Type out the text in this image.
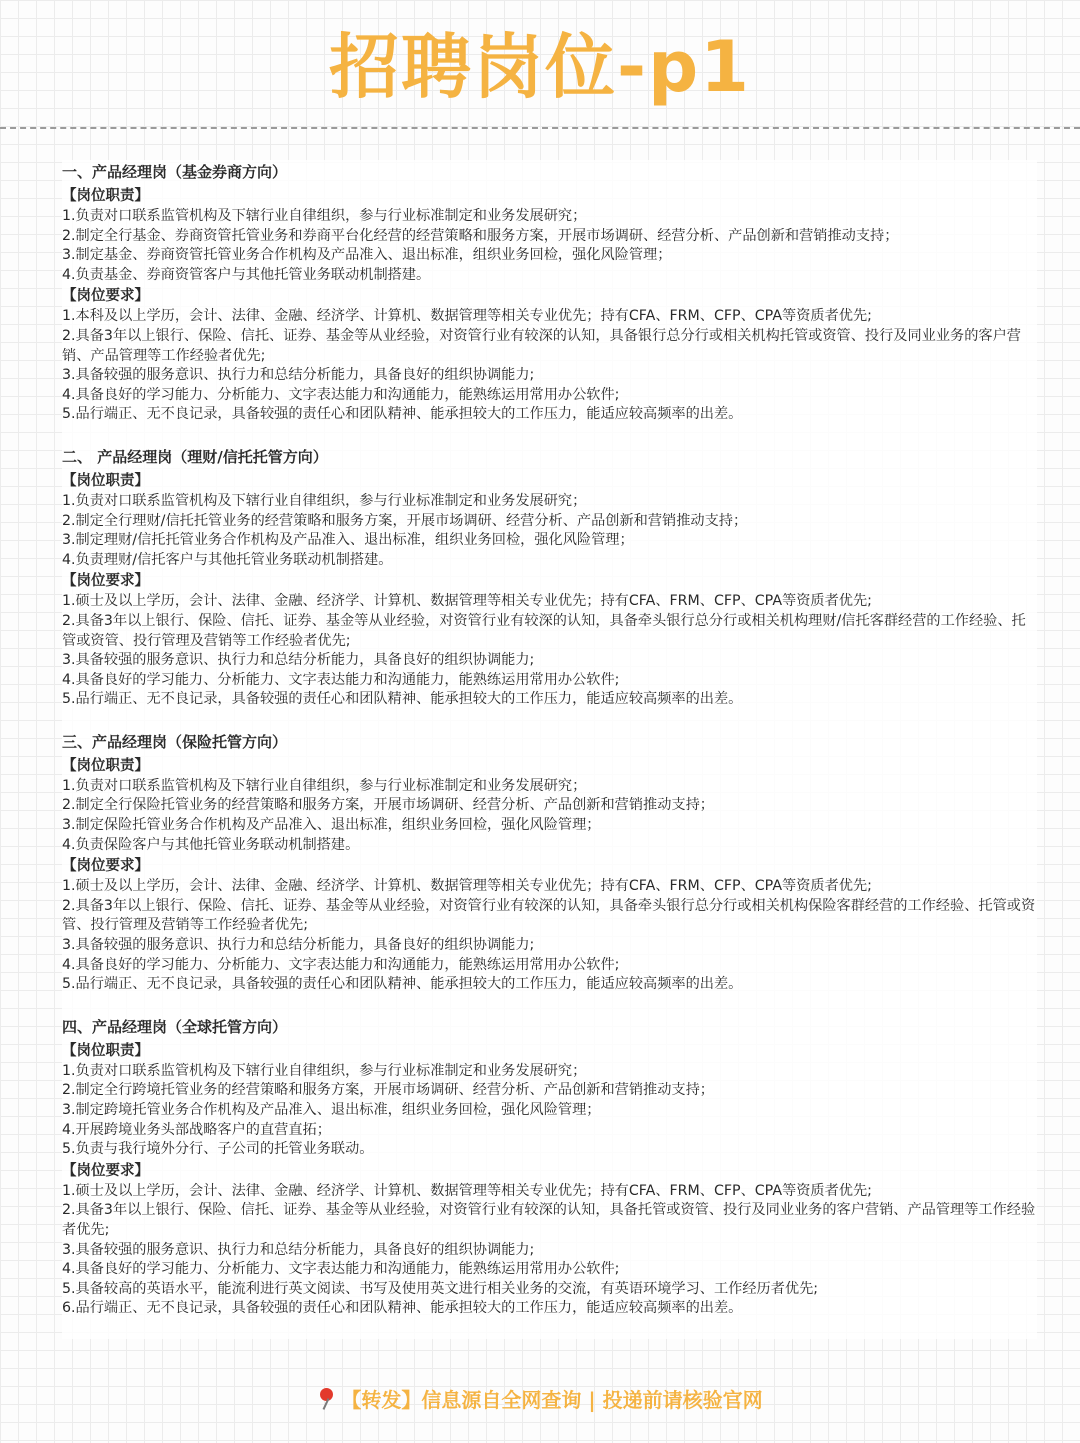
招聘岗位-p1
一、产品经理岗（基金券商方向）
【岗位职责】
1.负责对口联系监管机构及下辖行业自律组织，参与行业标准制定和业务发展研究；
2.制定全行基金、券商资管托管业务和券商平台化经营的经营策略和服务方案，开展市场调研、经营分析、产品创新和营销推动支持；
3.制定基金、券商资管托管业务合作机构及产品准入、退出标准，组织业务回检，强化风险管理；
4.负责基金、券商资管客户与其他托管业务联动机制搭建。
【岗位要求】
1.本科及以上学历，会计、法律、金融、经济学、计算机、数据管理等相关专业优先；持有CFA、FRM、CFP、CPA等资质者优先;
2.具备3年以上银行、保险、信托、证券、基金等从业经验，对资管行业有较深的认知，具备银行总分行或相关机构托管或资管、投行及同业业务的客户营销、产品管理等工作经验者优先;
3.具备较强的服务意识、执行力和总结分析能力，具备良好的组织协调能力;
4.具备良好的学习能力、分析能力、文字表达能力和沟通能力，能熟练运用常用办公软件;
5.品行端正、无不良记录，具备较强的责任心和团队精神、能承担较大的工作压力，能适应较高频率的出差。
二、 产品经理岗（理财/信托托管方向）
【岗位职责】
1.负责对口联系监管机构及下辖行业自律组织，参与行业标准制定和业务发展研究；
2.制定全行理财/信托托管业务的经营策略和服务方案，开展市场调研、经营分析、产品创新和营销推动支持；
3.制定理财/信托托管业务合作机构及产品准入、退出标准，组织业务回检，强化风险管理；
4.负责理财/信托客户与其他托管业务联动机制搭建。
【岗位要求】
1.硕士及以上学历，会计、法律、金融、经济学、计算机、数据管理等相关专业优先；持有CFA、FRM、CFP、CPA等资质者优先;
2.具备3年以上银行、保险、信托、证券、基金等从业经验，对资管行业有较深的认知，具备牵头银行总分行或相关机构理财/信托客群经营的工作经验、托管或资管、投行管理及营销等工作经验者优先;
3.具备较强的服务意识、执行力和总结分析能力，具备良好的组织协调能力;
4.具备良好的学习能力、分析能力、文字表达能力和沟通能力，能熟练运用常用办公软件;
5.品行端正、无不良记录，具备较强的责任心和团队精神、能承担较大的工作压力，能适应较高频率的出差。
三、产品经理岗（保险托管方向）
【岗位职责】
1.负责对口联系监管机构及下辖行业自律组织，参与行业标准制定和业务发展研究；
2.制定全行保险托管业务的经营策略和服务方案，开展市场调研、经营分析、产品创新和营销推动支持；
3.制定保险托管业务合作机构及产品准入、退出标准，组织业务回检，强化风险管理；
4.负责保险客户与其他托管业务联动机制搭建。
【岗位要求】
1.硕士及以上学历，会计、法律、金融、经济学、计算机、数据管理等相关专业优先；持有CFA、FRM、CFP、CPA等资质者优先;
2.具备3年以上银行、保险、信托、证券、基金等从业经验，对资管行业有较深的认知，具备牵头银行总分行或相关机构保险客群经营的工作经验、托管或资管、投行管理及营销等工作经验者优先;
3.具备较强的服务意识、执行力和总结分析能力，具备良好的组织协调能力;
4.具备良好的学习能力、分析能力、文字表达能力和沟通能力，能熟练运用常用办公软件;
5.品行端正、无不良记录，具备较强的责任心和团队精神、能承担较大的工作压力，能适应较高频率的出差。
四、产品经理岗（全球托管方向）
【岗位职责】
1.负责对口联系监管机构及下辖行业自律组织，参与行业标准制定和业务发展研究；
2.制定全行跨境托管业务的经营策略和服务方案，开展市场调研、经营分析、产品创新和营销推动支持；
3.制定跨境托管业务合作机构及产品准入、退出标准，组织业务回检，强化风险管理；
4.开展跨境业务头部战略客户的直营直拓；
5.负责与我行境外分行、子公司的托管业务联动。
【岗位要求】
1.硕士及以上学历，会计、法律、金融、经济学、计算机、数据管理等相关专业优先；持有CFA、FRM、CFP、CPA等资质者优先;
2.具备3年以上银行、保险、信托、证券、基金等从业经验，对资管行业有较深的认知，具备托管或资管、投行及同业业务的客户营销、产品管理等工作经验者优先;
3.具备较强的服务意识、执行力和总结分析能力，具备良好的组织协调能力;
4.具备良好的学习能力、分析能力、文字表达能力和沟通能力，能熟练运用常用办公软件;
5.具备较高的英语水平，能流利进行英文阅读、书写及使用英文进行相关业务的交流，有英语环境学习、工作经历者优先;
6.品行端正、无不良记录，具备较强的责任心和团队精神、能承担较大的工作压力，能适应较高频率的出差。
【转发】信息源自全网查询 | 投递前请核验官网
